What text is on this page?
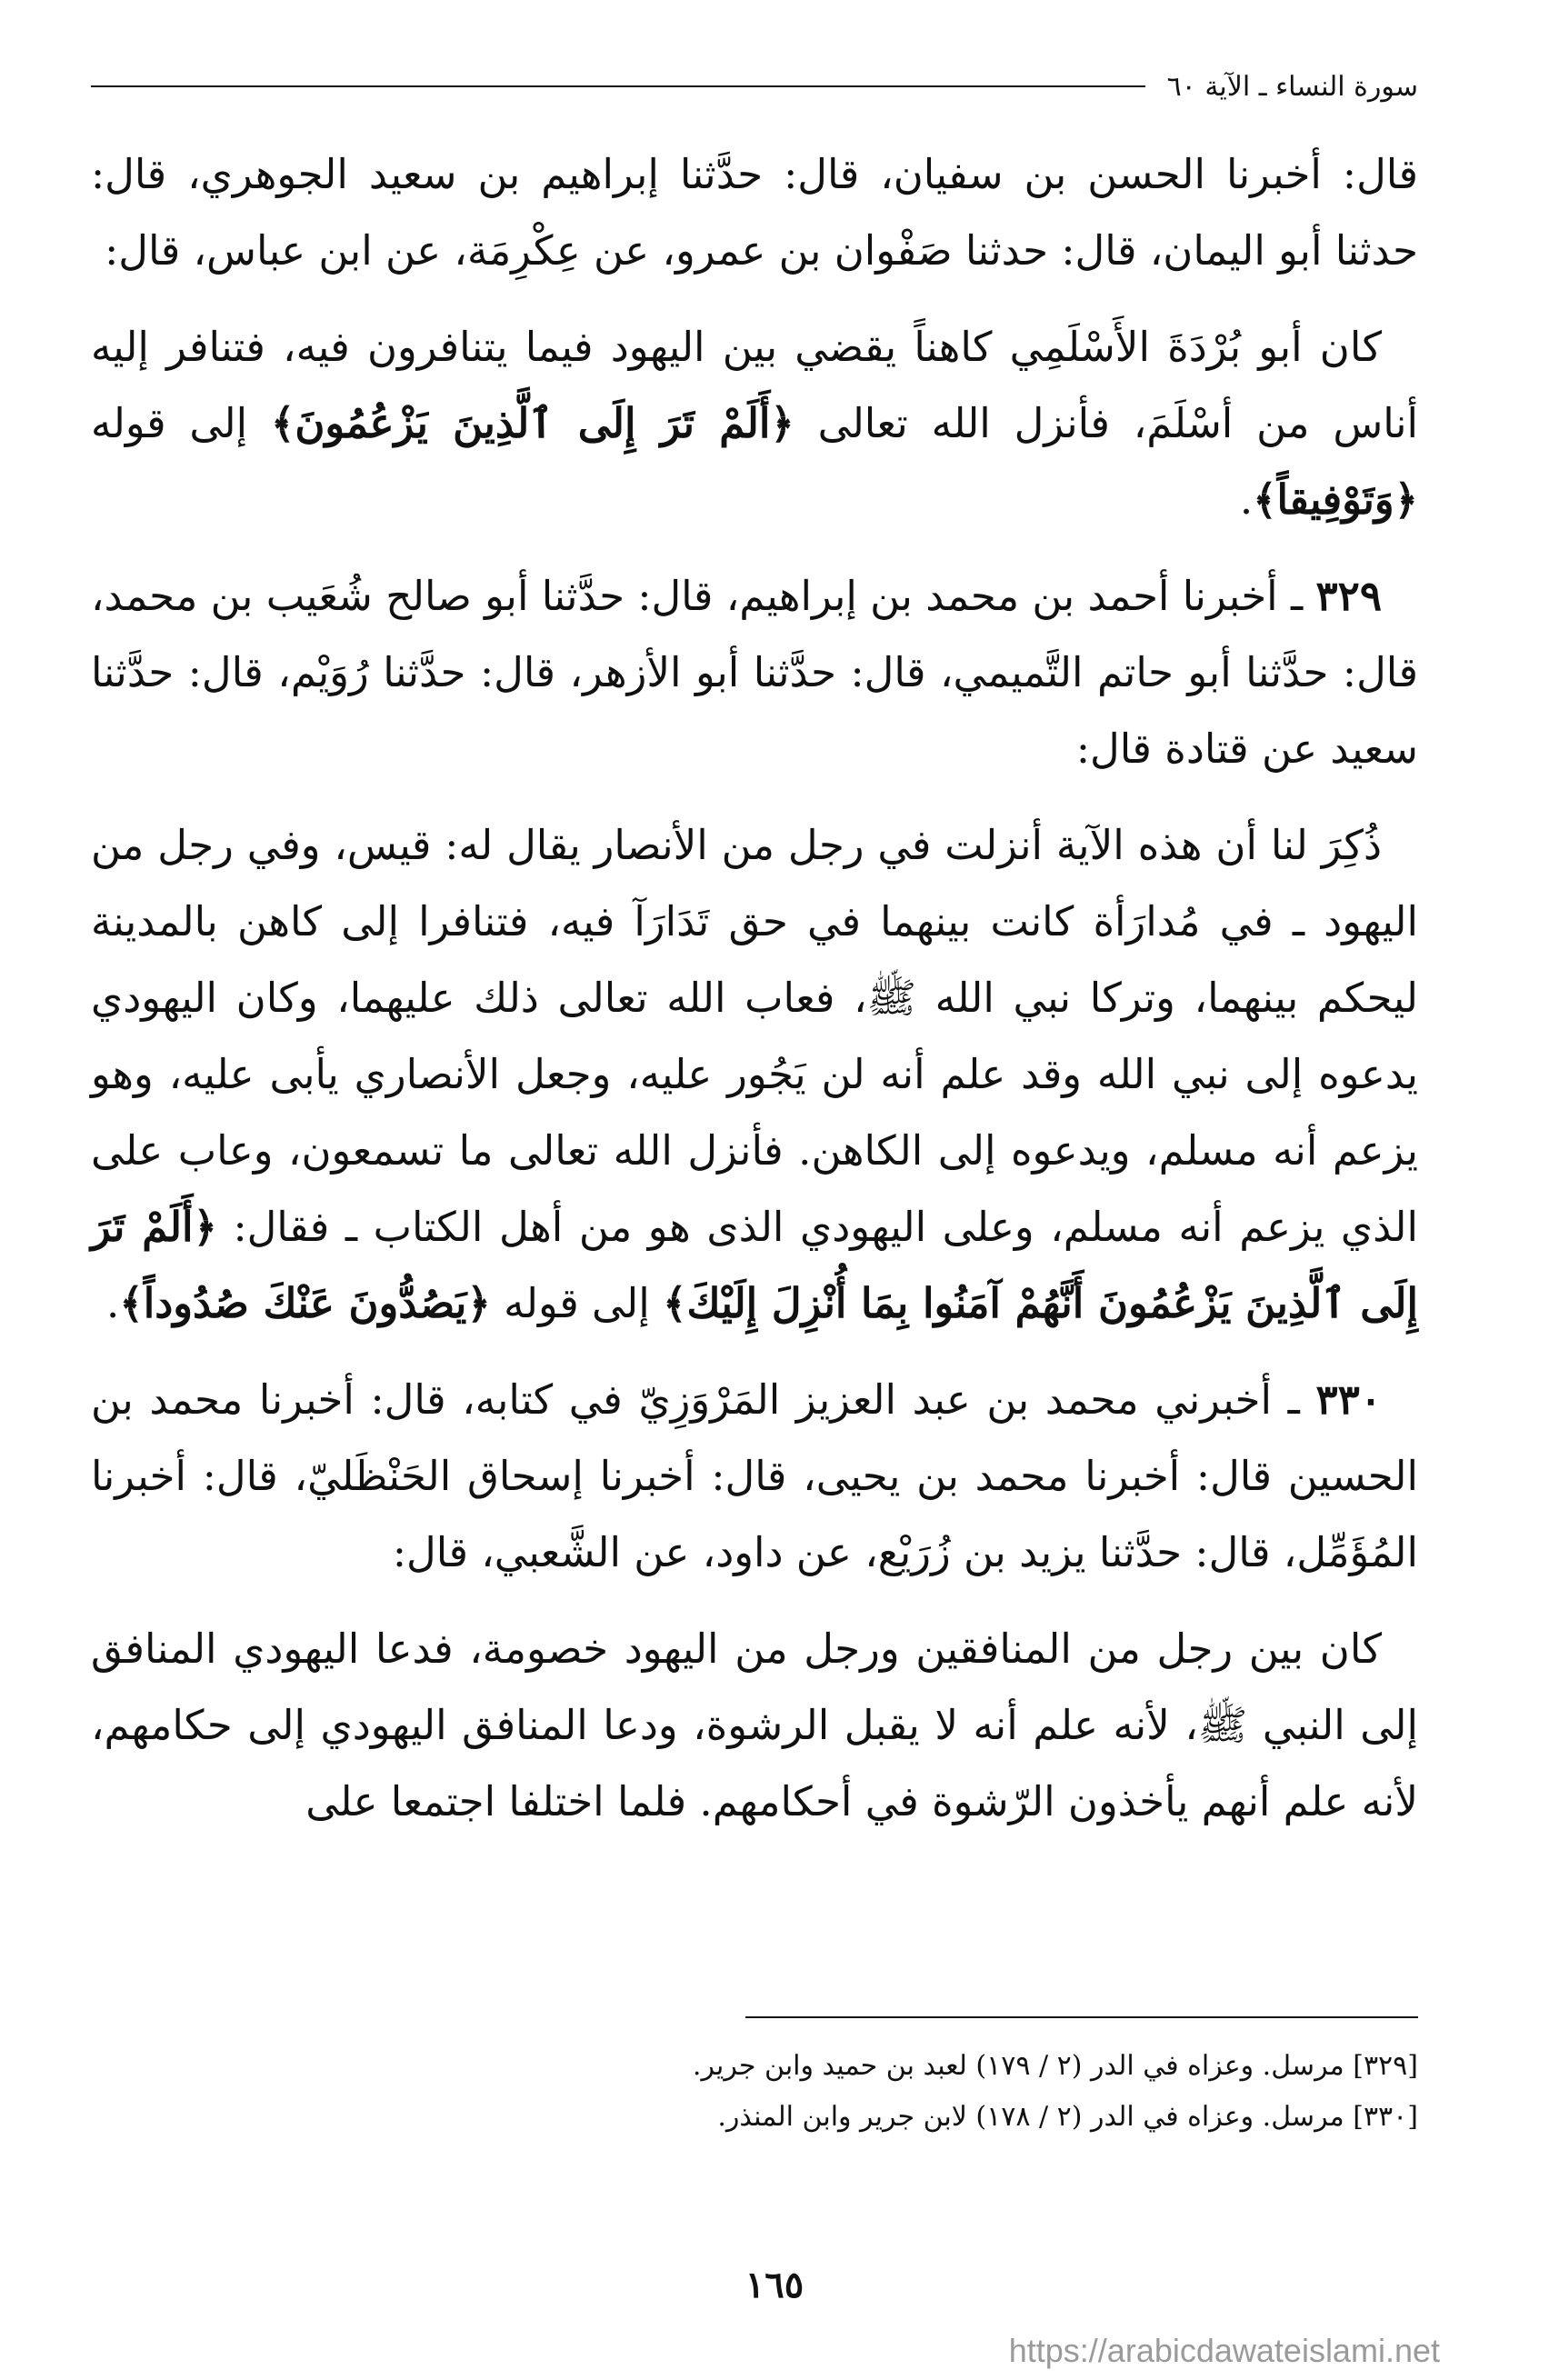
سورة النساء ـ الآية ٦٠

قال: أخبرنا الحسن بن سفيان، قال: حدَّثنا إبراهيم بن سعيد الجوهري، قال: حدثنا أبو اليمان، قال: حدثنا صَفْوان بن عمرو، عن عِكْرِمَة، عن ابن عباس، قال:

كان أبو بُرْدَةَ الأَسْلَمِي كاهناً يقضي بين اليهود فيما يتنافرون فيه، فتنافر إليه أناس من أسْلَمَ، فأنزل الله تعالى ﴿أَلَمْ تَرَ إِلَى ٱلَّذِينَ يَزْعُمُونَ﴾ إلى قوله ﴿وَتَوْفِيقاً﴾.

٣٢٩ ـ أخبرنا أحمد بن محمد بن إبراهيم، قال: حدَّثنا أبو صالح شُعَيب بن محمد، قال: حدَّثنا أبو حاتم التَّميمي، قال: حدَّثنا أبو الأزهر، قال: حدَّثنا رُوَيْم، قال: حدَّثنا سعيد عن قتادة قال:

ذُكِرَ لنا أن هذه الآية أنزلت في رجل من الأنصار يقال له: قيس، وفي رجل من اليهود ـ في مُدارَأة كانت بينهما في حق تَدَارَآ فيه، فتنافرا إلى كاهن بالمدينة ليحكم بينهما، وتركا نبي الله ﷺ، فعاب الله تعالى ذلك عليهما، وكان اليهودي يدعوه إلى نبي الله وقد علم أنه لن يَجُور عليه، وجعل الأنصاري يأبى عليه، وهو يزعم أنه مسلم، ويدعوه إلى الكاهن. فأنزل الله تعالى ما تسمعون، وعاب على الذي يزعم أنه مسلم، وعلى اليهودي الذى هو من أهل الكتاب ـ فقال: ﴿أَلَمْ تَرَ إِلَى ٱلَّذِينَ يَزْعُمُونَ أَنَّهُمْ آمَنُوا بِمَا أُنْزِلَ إِلَيْكَ﴾ إلى قوله ﴿يَصُدُّونَ عَنْكَ صُدُوداً﴾.

٣٣٠ ـ أخبرني محمد بن عبد العزيز المَرْوَزِيّ في كتابه، قال: أخبرنا محمد بن الحسين قال: أخبرنا محمد بن يحيى، قال: أخبرنا إسحاق الحَنْظَليّ، قال: أخبرنا المُؤَمِّل، قال: حدَّثنا يزيد بن زُرَيْع، عن داود، عن الشَّعبي، قال:

كان بين رجل من المنافقين ورجل من اليهود خصومة، فدعا اليهودي المنافق إلى النبي ﷺ، لأنه علم أنه لا يقبل الرشوة، ودعا المنافق اليهودي إلى حكامهم، لأنه علم أنهم يأخذون الرّشوة في أحكامهم. فلما اختلفا اجتمعا على

[٣٢٩] مرسل. وعزاه في الدر (٢ / ١٧٩) لعبد بن حميد وابن جرير.

[٣٣٠] مرسل. وعزاه في الدر (٢ / ١٧٨) لابن جرير وابن المنذر.

١٦٥
https://arabicdawateislami.net
